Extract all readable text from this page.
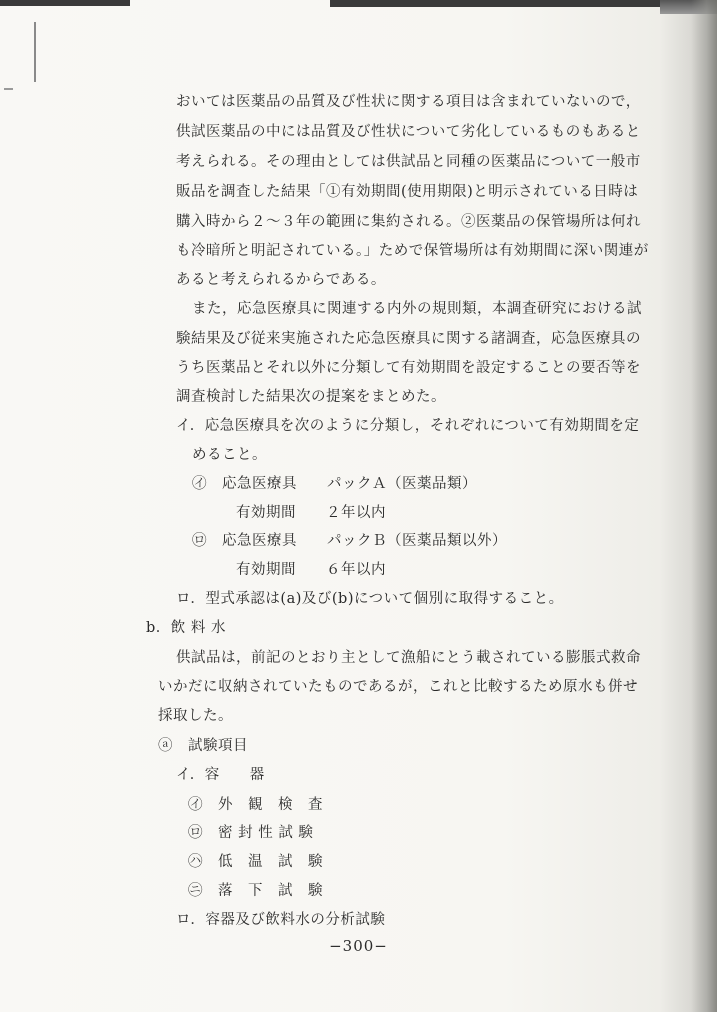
おいては医薬品の品質及び性状に関する項目は含まれていないので，
供試医薬品の中には品質及び性状について劣化しているものもあると
考えられる。その理由としては供試品と同種の医薬品について一般市
販品を調査した結果「①有効期間(使用期限)と明示されている日時は
購入時から２～３年の範囲に集約される。②医薬品の保管場所は何れ
も冷暗所と明記されている。」ためで保管場所は有効期間に深い関連が
あると考えられるからである。
また，応急医療具に関連する内外の規則類，本調査研究における試
験結果及び従来実施された応急医療具に関する諸調査，応急医療具の
うち医薬品とそれ以外に分類して有効期間を設定することの要否等を
調査検討した結果次の提案をまとめた。
イ．応急医療具を次のように分類し，それぞれについて有効期間を定
めること。
㋑　応急医療具　　パックＡ（医薬品類）
有効期間　　２年以内
㋺　応急医療具　　パックＢ（医薬品類以外）
有効期間　　６年以内
ロ．型式承認は(a)及び(b)について個別に取得すること。
b．飲 料 水
供試品は，前記のとおり主として漁船にとう載されている膨脹式救命
いかだに収納されていたものであるが，これと比較するため原水も併せ
採取した。
ⓐ　試験項目
イ．容　　器
㋑　外　観　検　査
㋺　密 封 性 試 験
㋩　低　温　試　験
㋥　落　下　試　験
ロ．容器及び飲料水の分析試験
−300−
